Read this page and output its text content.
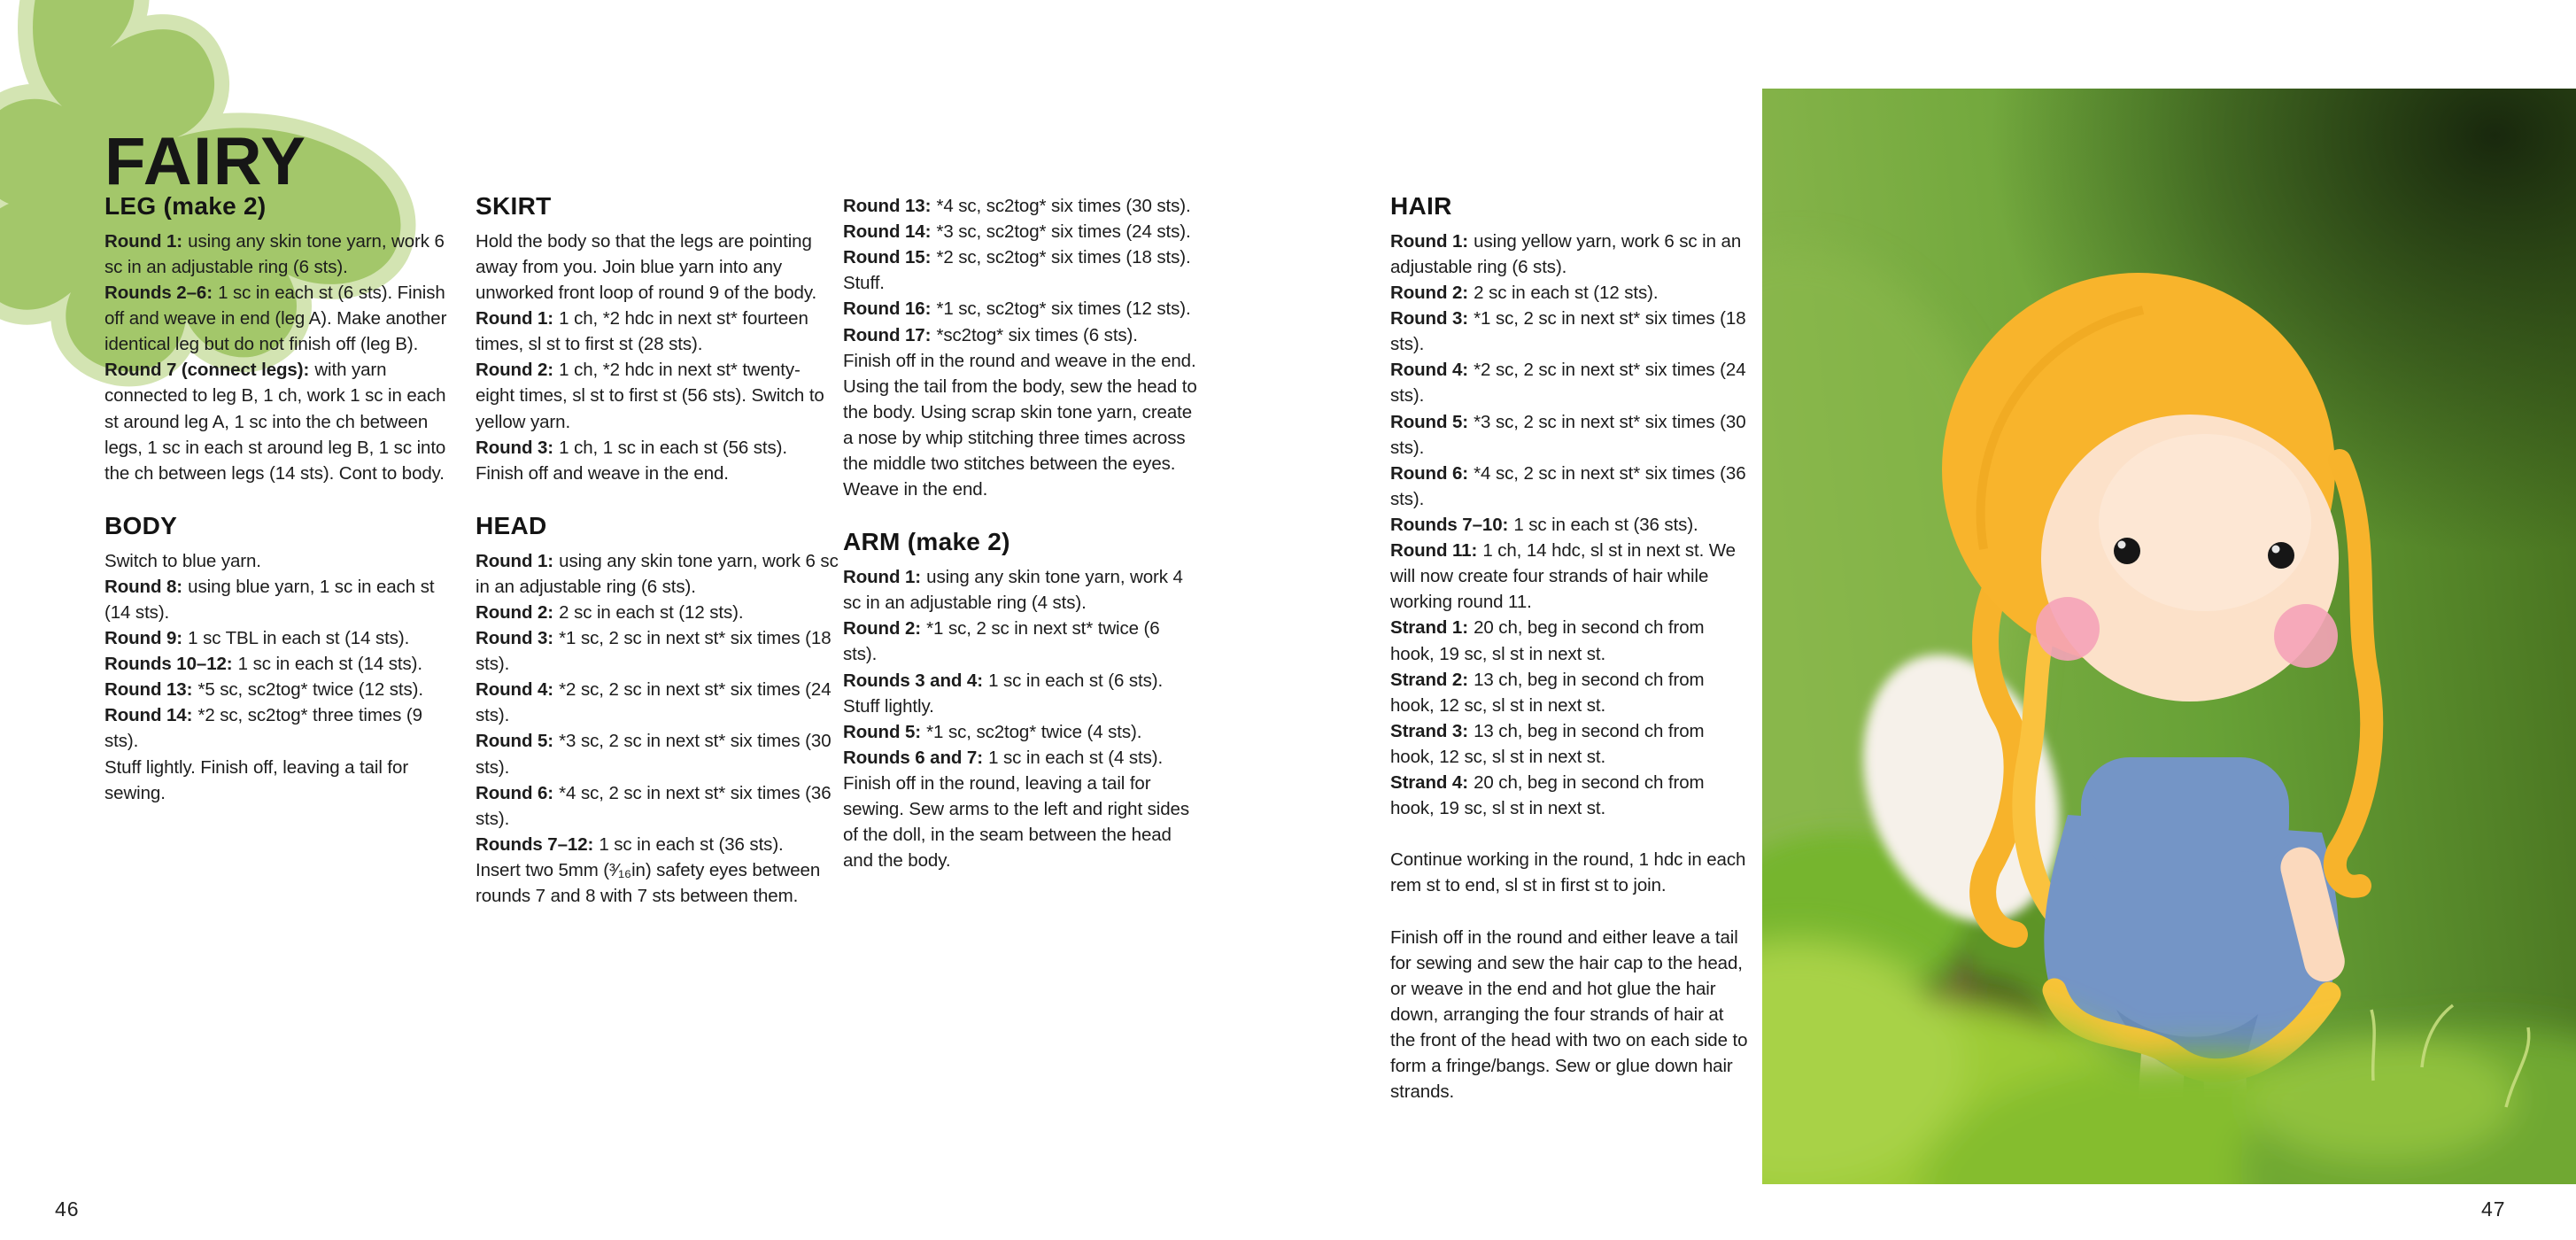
FAIRY
LEG (make 2)

Round 1: using any skin tone yarn, work 6 sc in an adjustable ring (6 sts).

Rounds 2–6: 1 sc in each st (6 sts). Finish off and weave in end (leg A). Make another identical leg but do not finish off (leg B).

Round 7 (connect legs): with yarn connected to leg B, 1 ch, work 1 sc in each st around leg A, 1 sc into the ch between legs, 1 sc in each st around leg B, 1 sc into the ch between legs (14 sts). Cont to body.

BODY

Switch to blue yarn.

Round 8: using blue yarn, 1 sc in each st (14 sts).

Round 9: 1 sc TBL in each st (14 sts).

Rounds 10–12: 1 sc in each st (14 sts).

Round 13: *5 sc, sc2tog* twice (12 sts).

Round 14: *2 sc, sc2tog* three times (9 sts).

Stuff lightly. Finish off, leaving a tail for sewing.

SKIRT

Hold the body so that the legs are pointing away from you. Join blue yarn into any unworked front loop of round 9 of the body.

Round 1: 1 ch, *2 hdc in next st* fourteen times, sl st to first st (28 sts).

Round 2: 1 ch, *2 hdc in next st* twenty-eight times, sl st to first st (56 sts). Switch to yellow yarn.

Round 3: 1 ch, 1 sc in each st (56 sts). Finish off and weave in the end.

HEAD

Round 1: using any skin tone yarn, work 6 sc in an adjustable ring (6 sts).

Round 2: 2 sc in each st (12 sts).

Round 3: *1 sc, 2 sc in next st* six times (18 sts).

Round 4: *2 sc, 2 sc in next st* six times (24 sts).

Round 5: *3 sc, 2 sc in next st* six times (30 sts).

Round 6: *4 sc, 2 sc in next st* six times (36 sts).

Rounds 7–12: 1 sc in each st (36 sts).

Insert two 5mm (³⁄₁₆in) safety eyes between rounds 7 and 8 with 7 sts between them.

Round 13: *4 sc, sc2tog* six times (30 sts).

Round 14: *3 sc, sc2tog* six times (24 sts).

Round 15: *2 sc, sc2tog* six times (18 sts).

Stuff.

Round 16: *1 sc, sc2tog* six times (12 sts).

Round 17: *sc2tog* six times (6 sts).

Finish off in the round and weave in the end. Using the tail from the body, sew the head to the body. Using scrap skin tone yarn, create a nose by whip stitching three times across the middle two stitches between the eyes. Weave in the end.

ARM (make 2)

Round 1: using any skin tone yarn, work 4 sc in an adjustable ring (4 sts).

Round 2: *1 sc, 2 sc in next st* twice (6 sts).

Rounds 3 and 4: 1 sc in each st (6 sts). Stuff lightly.

Round 5: *1 sc, sc2tog* twice (4 sts).

Rounds 6 and 7: 1 sc in each st (4 sts).

Finish off in the round, leaving a tail for sewing. Sew arms to the left and right sides of the doll, in the seam between the head and the body.

HAIR

Round 1: using yellow yarn, work 6 sc in an adjustable ring (6 sts).

Round 2: 2 sc in each st (12 sts).

Round 3: *1 sc, 2 sc in next st* six times (18 sts).

Round 4: *2 sc, 2 sc in next st* six times (24 sts).

Round 5: *3 sc, 2 sc in next st* six times (30 sts).

Round 6: *4 sc, 2 sc in next st* six times (36 sts).

Rounds 7–10: 1 sc in each st (36 sts).

Round 11: 1 ch, 14 hdc, sl st in next st. We will now create four strands of hair while working round 11.

Strand 1: 20 ch, beg in second ch from hook, 19 sc, sl st in next st.

Strand 2: 13 ch, beg in second ch from hook, 12 sc, sl st in next st.

Strand 3: 13 ch, beg in second ch from hook, 12 sc, sl st in next st.

Strand 4: 20 ch, beg in second ch from hook, 19 sc, sl st in next st.

Continue working in the round, 1 hdc in each rem st to end, sl st in first st to join.

Finish off in the round and either leave a tail for sewing and sew the hair cap to the head, or weave in the end and hot glue the hair down, arranging the four strands of hair at the front of the head with two on each side to form a fringe/bangs. Sew or glue down hair strands.

46	47
